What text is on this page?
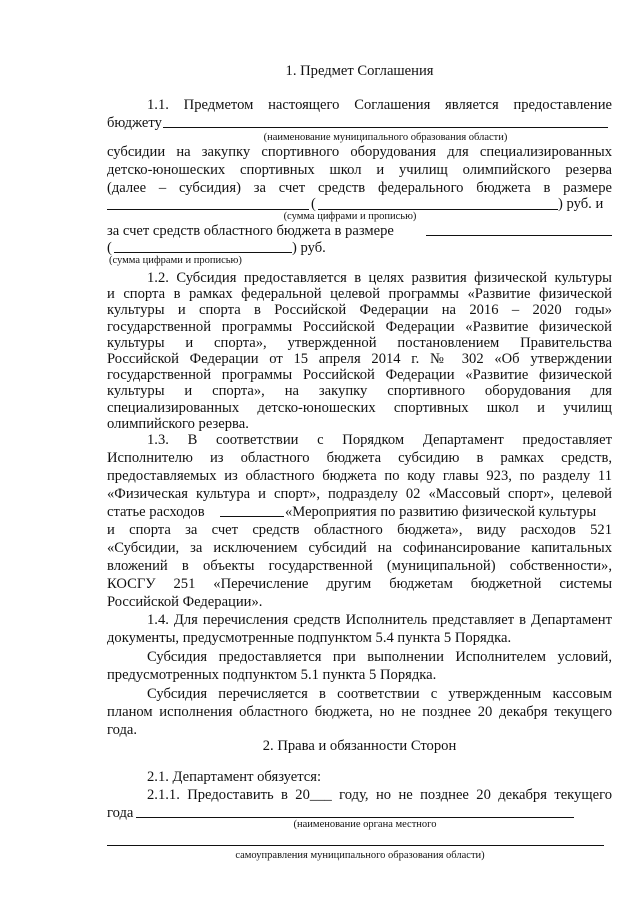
1. Предмет Соглашения
1.1. Предметом настоящего Соглашения является предоставление
бюджету
(наименование муниципального образования области)
субсидии на закупку спортивного оборудования для специализированных
детско-юношеских спортивных школ и училищ олимпийского резерва
(далее – субсидия) за счет средств федерального бюджета в размере
(	) руб. и
(сумма цифрами и прописью)
за счет средств областного бюджета в размере
(	) руб.
(сумма цифрами и прописью)
1.2. Субсидия предоставляется в целях развития физической культуры
и спорта в рамках федеральной целевой программы «Развитие физической
культуры и спорта в Российской Федерации на 2016 – 2020 годы»
государственной программы Российской Федерации «Развитие физической
культуры и спорта», утвержденной постановлением Правительства
Российской Федерации от 15 апреля 2014 г. № 302 «Об утверждении
государственной программы Российской Федерации «Развитие физической
культуры и спорта», на закупку спортивного оборудования для
специализированных детско-юношеских спортивных школ и училищ
олимпийского резерва.
1.3. В соответствии с Порядком Департамент предоставляет
Исполнителю из областного бюджета субсидию в рамках средств,
предоставляемых из областного бюджета по коду главы 923, по разделу 11
«Физическая культура и спорт», подразделу 02 «Массовый спорт», целевой
статье расходов	«Мероприятия по развитию физической культуры
и спорта за счет средств областного бюджета», виду расходов 521
«Субсидии, за исключением субсидий на софинансирование капитальных
вложений в объекты государственной (муниципальной) собственности»,
КОСГУ 251 «Перечисление другим бюджетам бюджетной системы
Российской Федерации».
1.4. Для перечисления средств Исполнитель представляет в Департамент
документы, предусмотренные подпунктом 5.4 пункта 5 Порядка.
Субсидия предоставляется при выполнении Исполнителем условий,
предусмотренных подпунктом 5.1 пункта 5 Порядка.
Субсидия перечисляется в соответствии с утвержденным кассовым
планом исполнения областного бюджета, но не позднее 20 декабря текущего
года.
2. Права и обязанности Сторон
2.1. Департамент обязуется:
2.1.1. Предоставить в 20___ году, но не позднее 20 декабря текущего
года
(наименование органа местного
самоуправления муниципального образования области)
